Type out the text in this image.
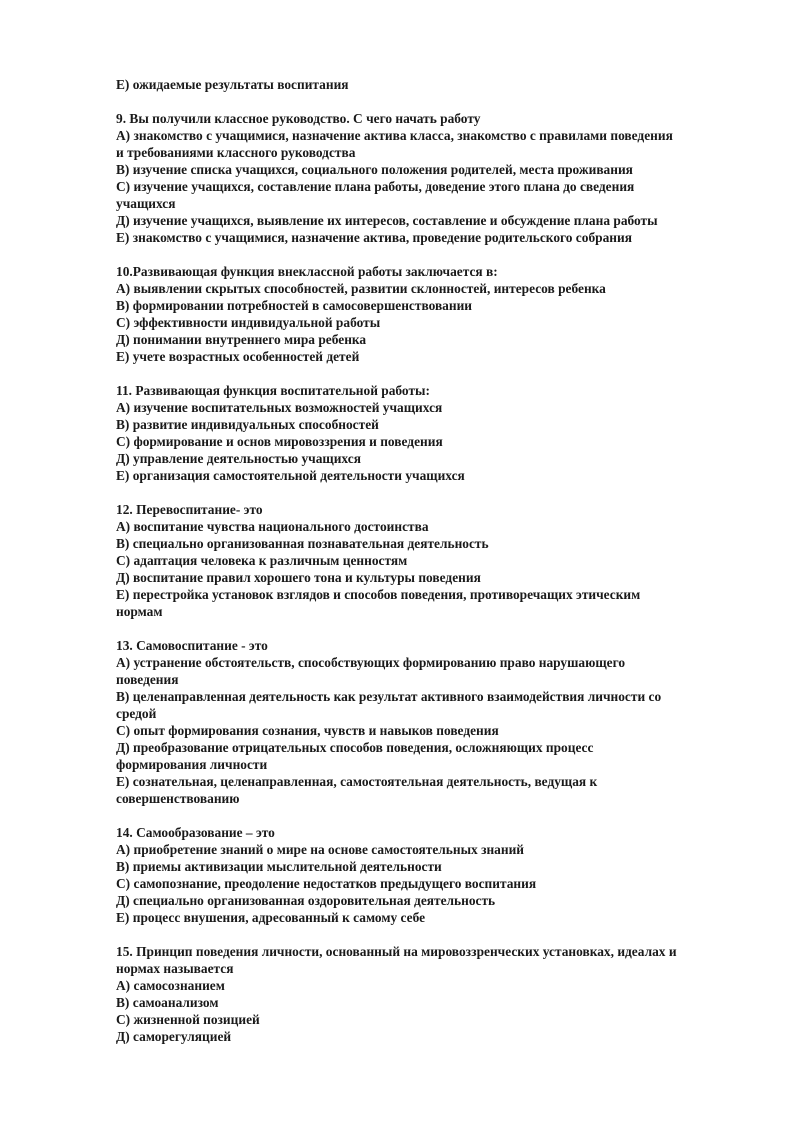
Е) ожидаемые результаты воспитания
9. Вы получили классное руководство. С чего начать работу
А) знакомство с учащимися, назначение актива класса, знакомство с правилами поведения
и требованиями классного руководства
В) изучение списка учащихся, социального положения родителей, места проживания
С) изучение учащихся, составление плана работы, доведение этого плана до сведения
учащихся
Д) изучение учащихся, выявление их интересов, составление и обсуждение плана работы
Е) знакомство с учащимися, назначение актива, проведение родительского собрания
10.Развивающая функция внеклассной работы заключается в:
А) выявлении скрытых способностей, развитии склонностей, интересов ребенка
В) формировании потребностей в самосовершенствовании
С) эффективности индивидуальной работы
Д) понимании внутреннего мира ребенка
Е) учете возрастных особенностей детей
11. Развивающая функция воспитательной работы:
А) изучение воспитательных возможностей учащихся
В) развитие индивидуальных способностей
С) формирование и основ мировоззрения и поведения
Д) управление деятельностью учащихся
Е) организация самостоятельной деятельности учащихся
12. Перевоспитание- это
А) воспитание чувства национального достоинства
В) специально организованная познавательная деятельность
С) адаптация человека к различным ценностям
Д) воспитание правил хорошего тона и культуры поведения
Е) перестройка установок взглядов и способов поведения, противоречащих этическим
нормам
13. Самовоспитание - это
А) устранение обстоятельств, способствующих формированию право нарушающего
поведения
В) целенаправленная деятельность как результат активного взаимодействия личности со
средой
С) опыт формирования сознания, чувств и навыков поведения
Д) преобразование отрицательных способов поведения, осложняющих процесс
формирования личности
Е) сознательная, целенаправленная, самостоятельная деятельность, ведущая к
совершенствованию
14. Самообразование – это
А) приобретение знаний о мире на основе самостоятельных знаний
В) приемы активизации мыслительной деятельности
С) самопознание, преодоление недостатков предыдущего воспитания
Д) специально организованная оздоровительная деятельность
Е) процесс внушения, адресованный к самому себе
15. Принцип поведения личности, основанный на мировоззренческих установках, идеалах и
нормах называется
А) самосознанием
В) самоанализом
С) жизненной позицией
Д) саморегуляцией
